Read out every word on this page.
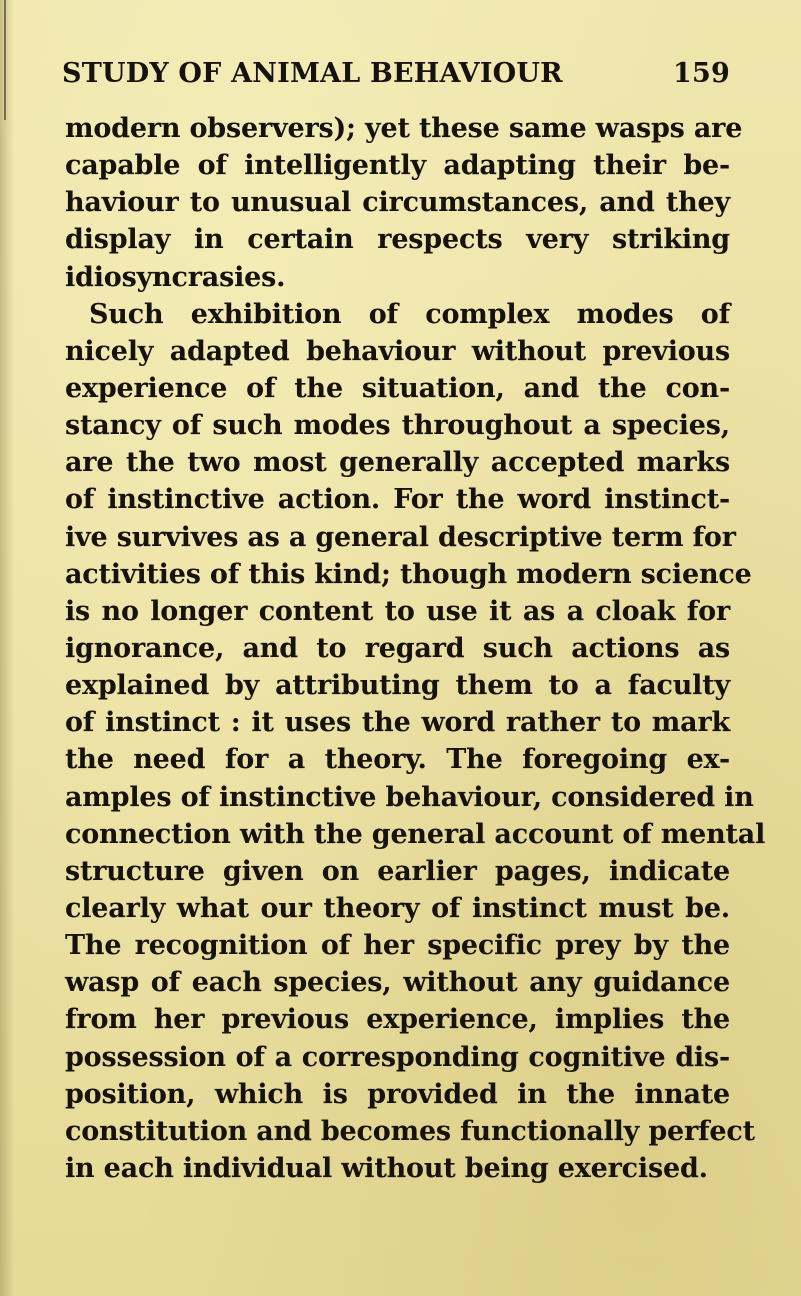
STUDY OF ANIMAL BEHAVIOUR	159
modern observers); yet these same wasps are
capable of intelligently adapting their be-
haviour to unusual circumstances, and they
display in certain respects very striking
idiosyncrasies.
Such exhibition of complex modes of
nicely adapted behaviour without previous
experience of the situation, and the con-
stancy of such modes throughout a species,
are the two most generally accepted marks
of instinctive action. For the word instinct-
ive survives as a general descriptive term for
activities of this kind; though modern science
is no longer content to use it as a cloak for
ignorance, and to regard such actions as
explained by attributing them to a faculty
of instinct : it uses the word rather to mark
the need for a theory. The foregoing ex-
amples of instinctive behaviour, considered in
connection with the general account of mental
structure given on earlier pages, indicate
clearly what our theory of instinct must be.
The recognition of her specific prey by the
wasp of each species, without any guidance
from her previous experience, implies the
possession of a corresponding cognitive dis-
position, which is provided in the innate
constitution and becomes functionally perfect
in each individual without being exercised.
